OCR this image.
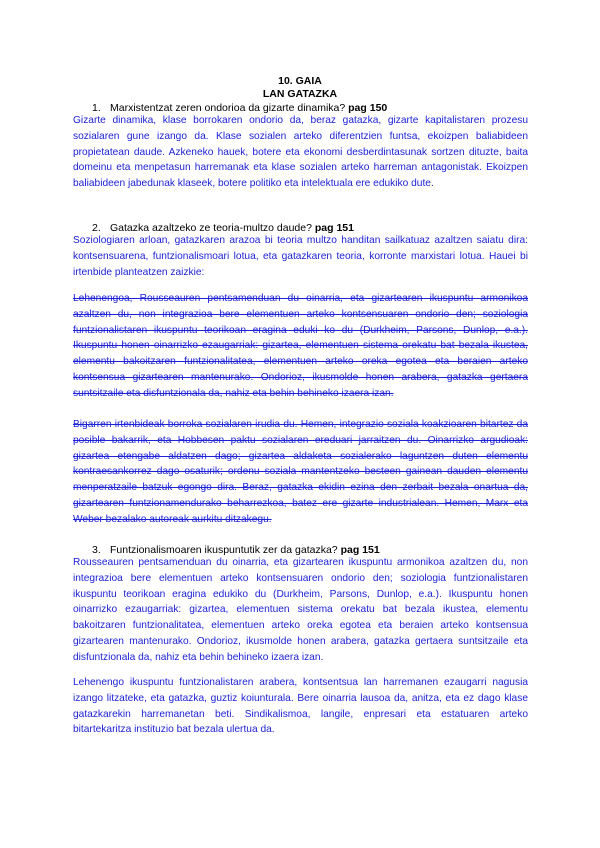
10. GAIA
LAN GATAZKA
1. Marxistentzat zeren ondorioa da gizarte dinamika? pag 150
Gizarte dinamika, klase borrokaren ondorio da, beraz gatazka, gizarte kapitalistaren prozesu sozialaren gune izango da. Klase sozialen arteko diferentzien funtsa, ekoizpen baliabideen propietatean daude. Azkeneko hauek, botere eta ekonomi desberdintasunak sortzen dituzte, baita domeinu eta menpetasun harremanak eta klase sozialen arteko harreman antagonistak. Ekoizpen baliabideen jabedunak klaseek, botere politiko eta intelektuala ere edukiko dute.
2. Gatazka azaltzeko ze teoria-multzo daude? pag 151
Soziologiaren arloan, gatazkaren arazoa bi teoria multzo handitan sailkatuaz azaltzen saiatu dira: kontsensuarena, funtzionalismoari lotua, eta gatazkaren teoria, korronte marxistari lotua. Hauei bi irtenbide planteatzen zaizkie:
Lehenengoa, Rousseauren pentsamenduan du oinarria, eta gizartearen ikuspuntu armonikoa azaltzen du, non integrazioa bere elementuen arteko kontsensuaren ondorio den; soziologia funtzionalistaren ikuspuntu teorikoan eragina eduki ko du (Durkheim, Parsons, Dunlop, e.a.). Ikuspuntu honen oinarrizko ezaugarriak: gizartea, elementuen sistema orekatu bat bezala ikustea, elementu bakoitzaren funtzionalitatea, elementuen arteko oreka egotea eta beraien arteko kontsensua gizartearen mantenurako. Ondorioz, ikusmolde honen arabera, gatazka gertaera suntsitzaile eta disfuntzionala da, nahiz eta behin behineko izaera izan.
Bigarren irtenbideak borroka sozialaren irudia du. Hemen, integrazio soziala koakzioaren bitartez da posible bakarrik, eta Hobbesen paktu sozialaren ereduari jarraitzen du. Oinarrizko argudioak: gizartea etengabe aldatzen dago; gizartea aldaketa sozialerako laguntzen duten elementu kontraesankorrez dago osaturik; ordenu soziala mantentzeko besteen gainean dauden elementu menperatzaile batzuk egongo dira. Beraz, gatazka ekidin ezina den zerbait bezala onartua da, gizartearen funtzionamendurako beharrezkoa, batez ere gizarte industrialean. Hemen, Marx eta Weber bezalako autoreak aurkitu ditzakegu.
3. Funtzionalismoaren ikuspuntutik zer da gatazka? pag 151
Rousseauren pentsamenduan du oinarria, eta gizartearen ikuspuntu armonikoa azaltzen du, non integrazioa bere elementuen arteko kontsensuaren ondorio den; soziologia funtzionalistaren ikuspuntu teorikoan eragina edukiko du (Durkheim, Parsons, Dunlop, e.a.). Ikuspuntu honen oinarrizko ezaugarriak: gizartea, elementuen sistema orekatu bat bezala ikustea, elementu bakoitzaren funtzionalitatea, elementuen arteko oreka egotea eta beraien arteko kontsensua gizartearen mantenurako. Ondorioz, ikusmolde honen arabera, gatazka gertaera suntsitzaile eta disfuntzionala da, nahiz eta behin behineko izaera izan.
Lehenengo ikuspuntu funtzionalistaren arabera, kontsentsua lan harremanen ezaugarri nagusia izango litzateke, eta gatazka, guztiz koiunturala. Bere oinarria lausoa da, anitza, eta ez dago klase gatazkarekin harremanetan beti. Sindikalismoa, langile, enpresari eta estatuaren arteko bitartekaritza instituzio bat bezala ulertua da.
